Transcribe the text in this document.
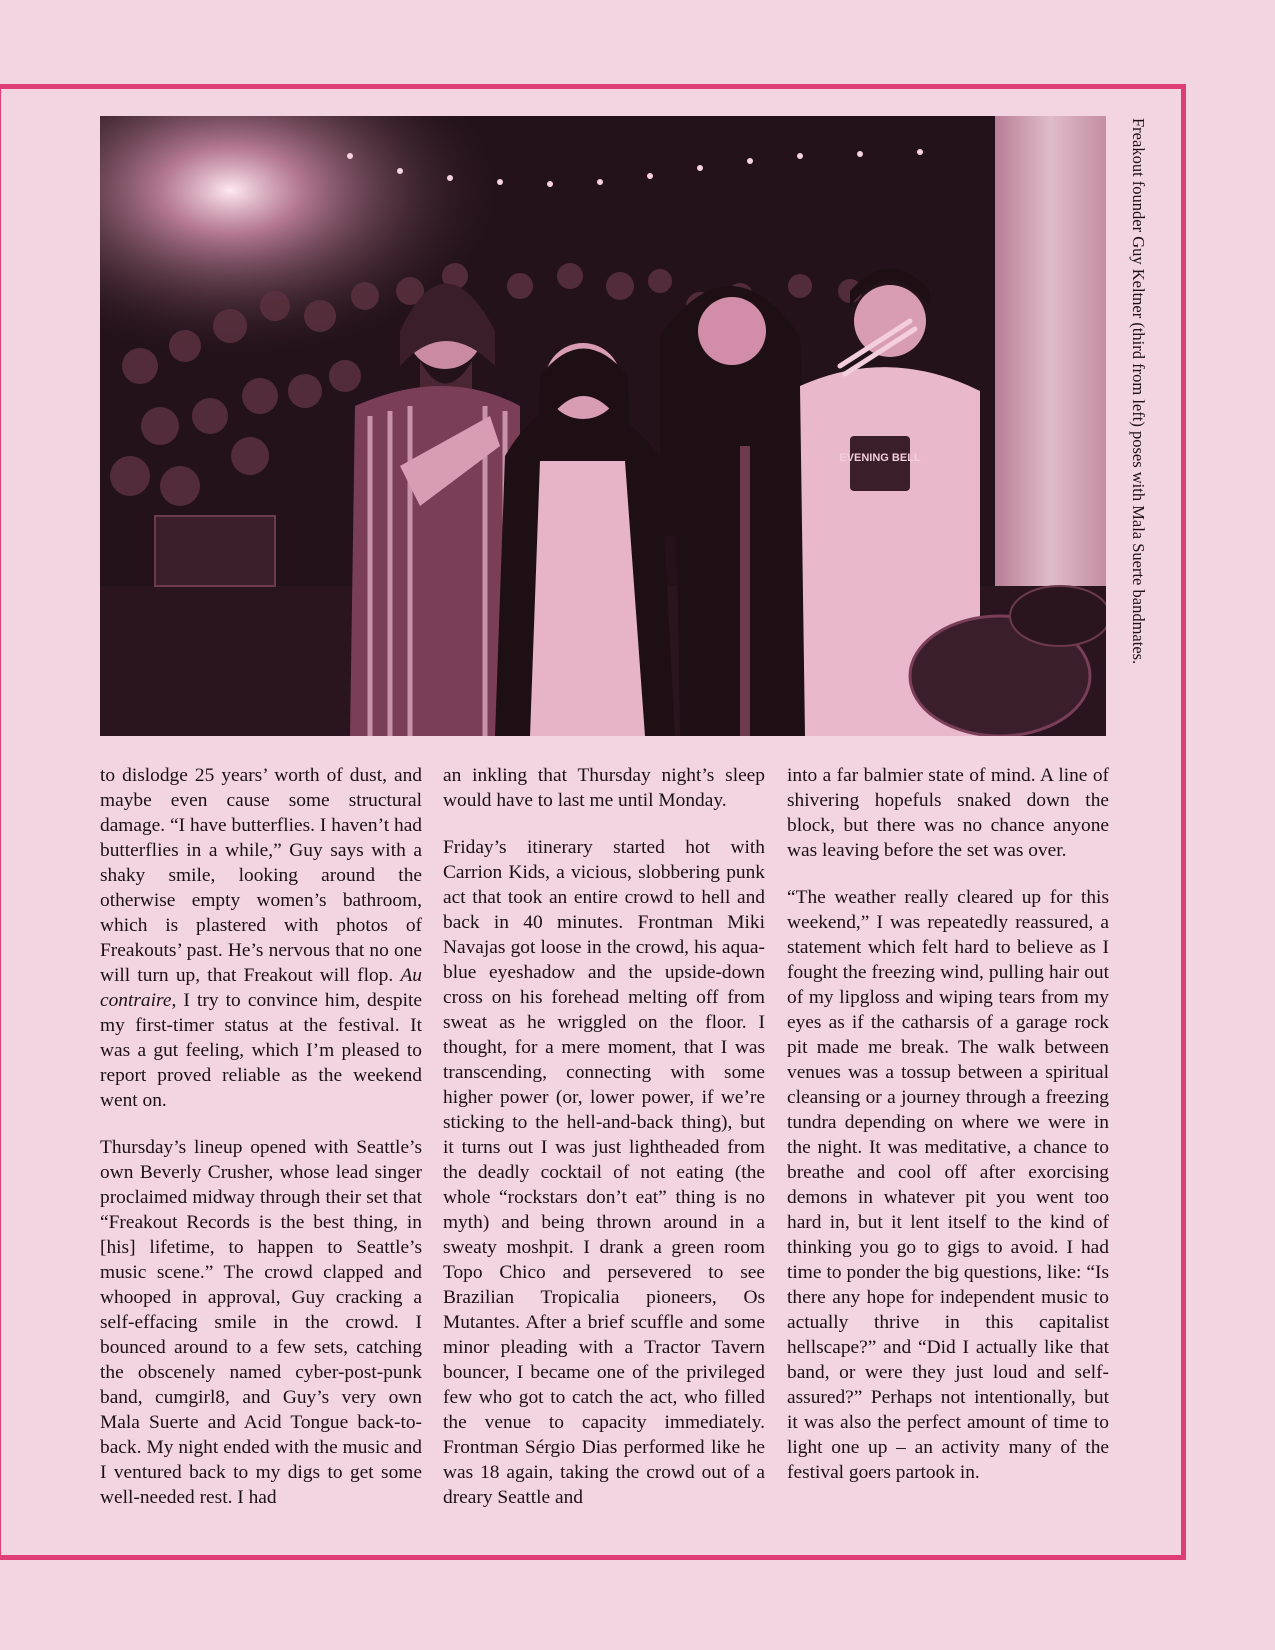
EVENING BELL	Freakout founder Guy Keltner (third from left) poses with Mala Suerte bandmates.

to dislodge 25 years’ worth of dust, and maybe even cause some structural damage. “I have butterflies. I haven’t had butterflies in a while,” Guy says with a shaky smile, looking around the otherwise empty women’s bathroom, which is plastered with photos of Freakouts’ past. He’s nervous that no one will turn up, that Freakout will flop. Au contraire, I try to convince him, despite my first-timer status at the festival. It was a gut feeling, which I’m pleased to report proved reliable as the weekend went on.

Thursday’s lineup opened with Seattle’s own Beverly Crusher, whose lead singer proclaimed midway through their set that “Freakout Records is the best thing, in [his] lifetime, to happen to Seattle’s music scene.” The crowd clapped and whooped in approval, Guy cracking a self-effacing smile in the crowd. I bounced around to a few sets, catching the obscenely named cyber-post-punk band, cumgirl8, and Guy’s very own Mala Suerte and Acid Tongue back-to-back. My night ended with the music and I ventured back to my digs to get some well-needed rest. I had

an inkling that Thursday night’s sleep would have to last me until Monday.

Friday’s itinerary started hot with Carrion Kids, a vicious, slobbering punk act that took an entire crowd to hell and back in 40 minutes. Frontman Miki Navajas got loose in the crowd, his aqua-blue eyeshadow and the upside-down cross on his forehead melting off from sweat as he wriggled on the floor. I thought, for a mere moment, that I was transcending, connecting with some higher power (or, lower power, if we’re sticking to the hell-and-back thing), but it turns out I was just lightheaded from the deadly cocktail of not eating (the whole “rockstars don’t eat” thing is no myth) and being thrown around in a sweaty moshpit. I drank a green room Topo Chico and persevered to see Brazilian Tropicalia pioneers, Os Mutantes. After a brief scuffle and some minor pleading with a Tractor Tavern bouncer, I became one of the privileged few who got to catch the act, who filled the venue to capacity immediately. Frontman Sérgio Dias performed like he was 18 again, taking the crowd out of a dreary Seattle and

into a far balmier state of mind. A line of shivering hopefuls snaked down the block, but there was no chance anyone was leaving before the set was over.

“The weather really cleared up for this weekend,” I was repeatedly reassured, a statement which felt hard to believe as I fought the freezing wind, pulling hair out of my lipgloss and wiping tears from my eyes as if the catharsis of a garage rock pit made me break. The walk between venues was a tossup between a spiritual cleansing or a journey through a freezing tundra depending on where we were in the night. It was meditative, a chance to breathe and cool off after exorcising demons in whatever pit you went too hard in, but it lent itself to the kind of thinking you go to gigs to avoid. I had time to ponder the big questions, like: “Is there any hope for independent music to actually thrive in this capitalist hellscape?” and “Did I actually like that band, or were they just loud and self-assured?” Perhaps not intentionally, but it was also the perfect amount of time to light one up – an activity many of the festival goers partook in.
